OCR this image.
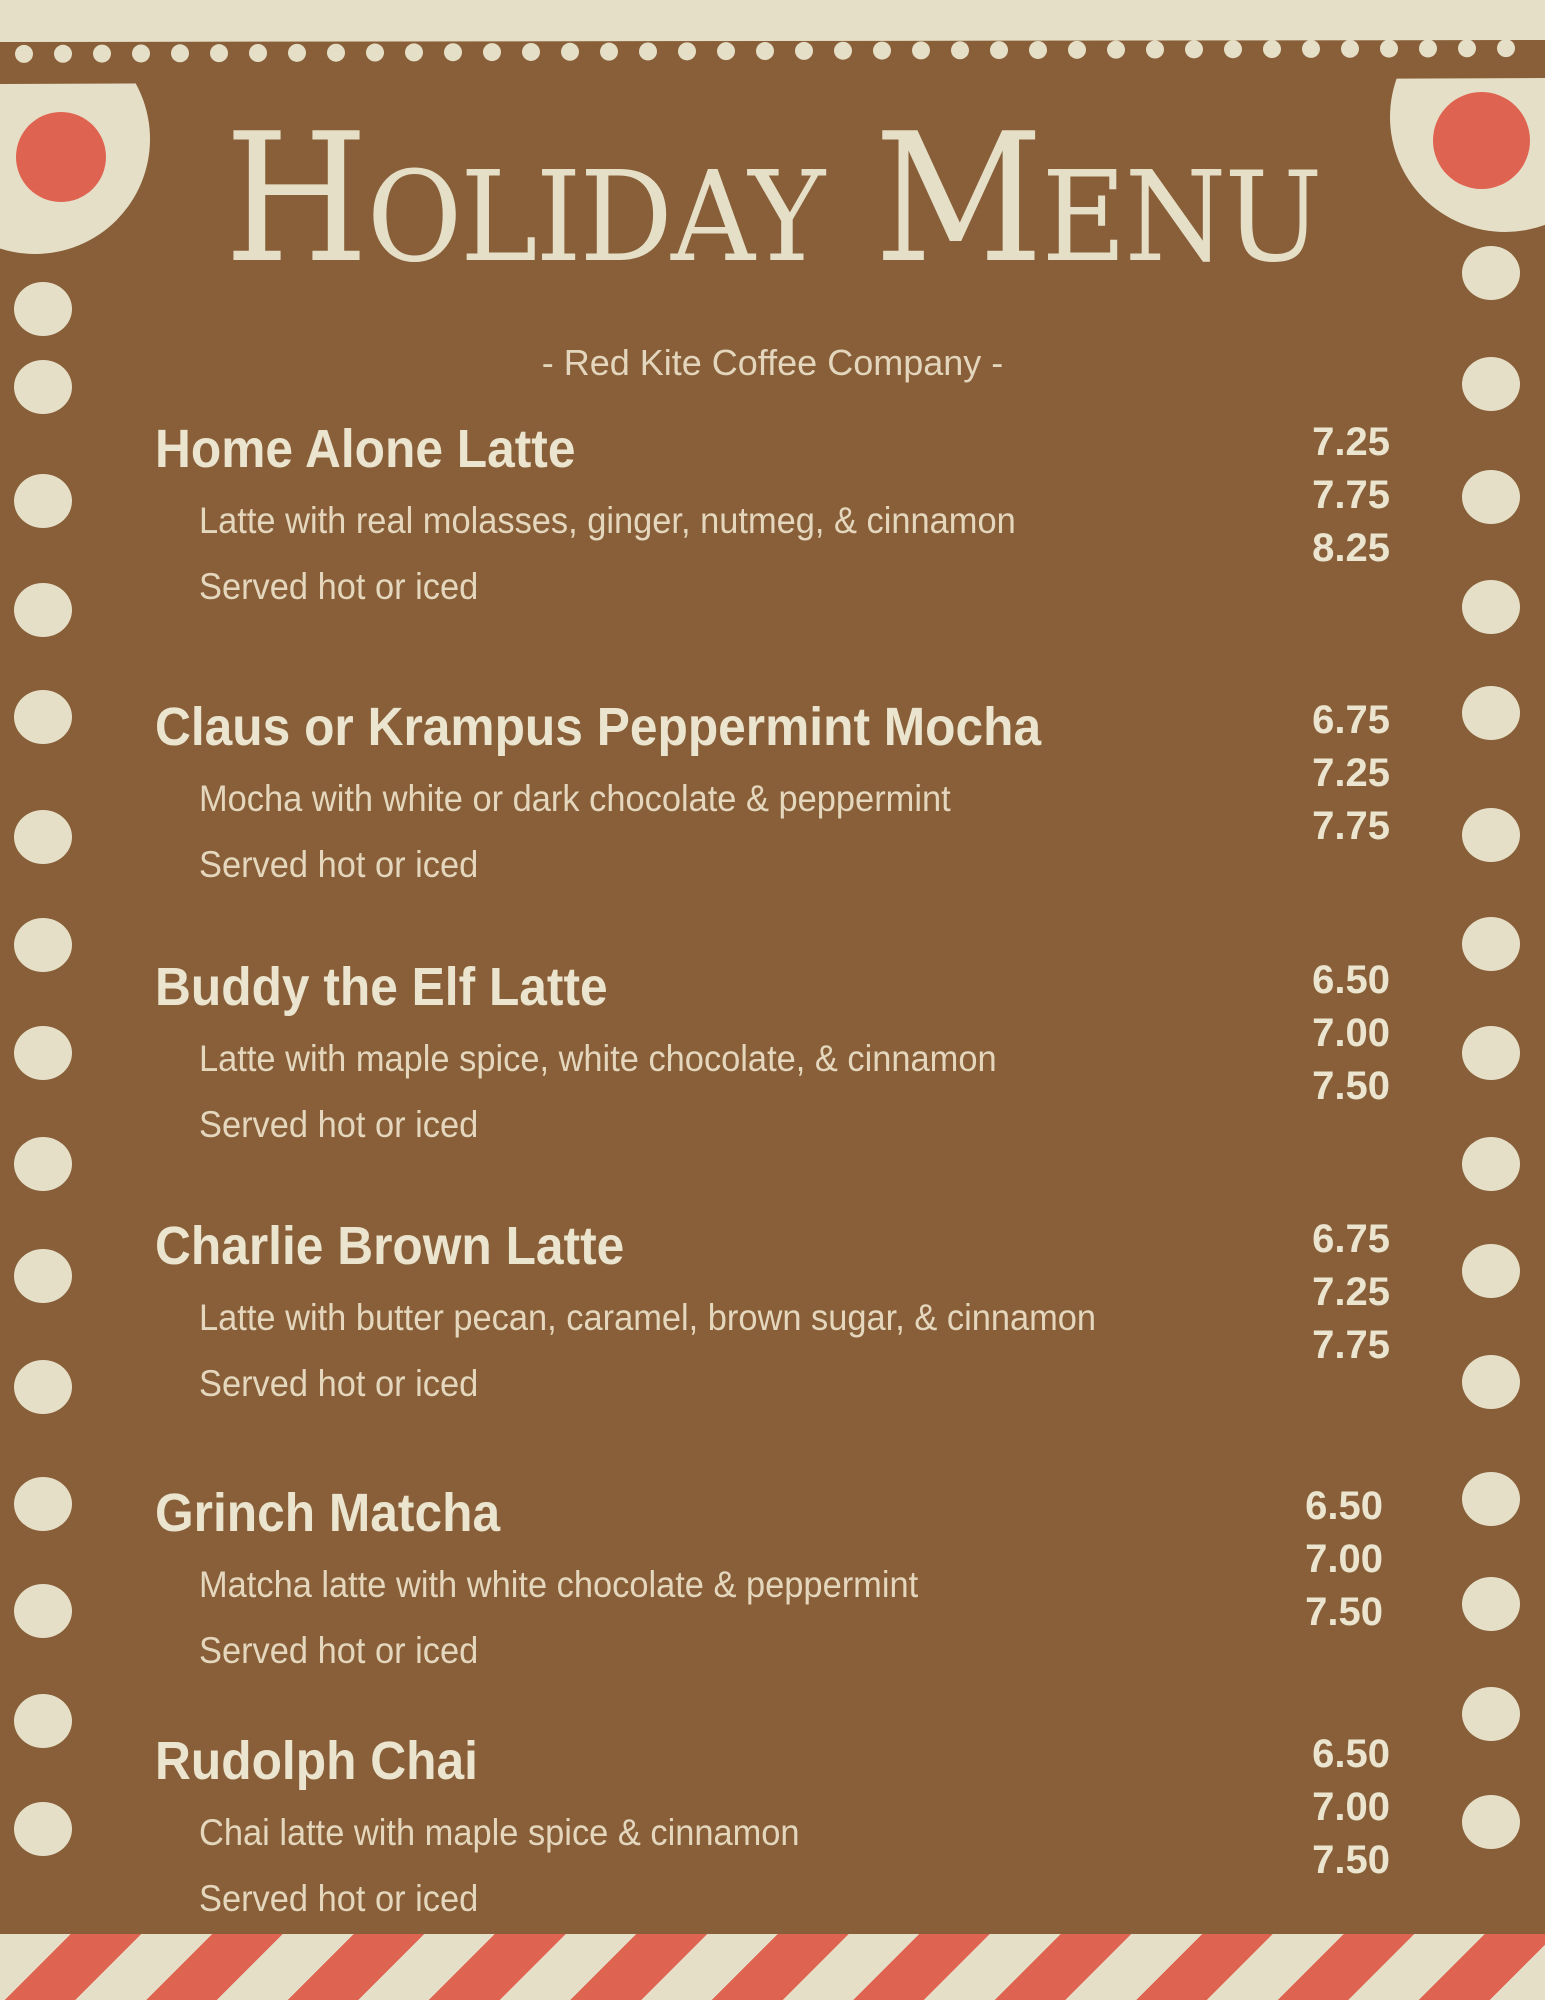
Holiday Menu
- Red Kite Coffee Company -
Home Alone Latte
Latte with real molasses, ginger, nutmeg, & cinnamon
Served hot or iced
7.25
7.75
8.25
Claus or Krampus Peppermint Mocha
Mocha with white or dark chocolate & peppermint
Served hot or iced
6.75
7.25
7.75
Buddy the Elf Latte
Latte with maple spice, white chocolate, & cinnamon
Served hot or iced
6.50
7.00
7.50
Charlie Brown Latte
Latte with butter pecan, caramel, brown sugar, & cinnamon
Served hot or iced
6.75
7.25
7.75
Grinch Matcha
Matcha latte with white chocolate & peppermint
Served hot or iced
6.50
7.00
7.50
Rudolph Chai
Chai latte with maple spice & cinnamon
Served hot or iced
6.50
7.00
7.50
